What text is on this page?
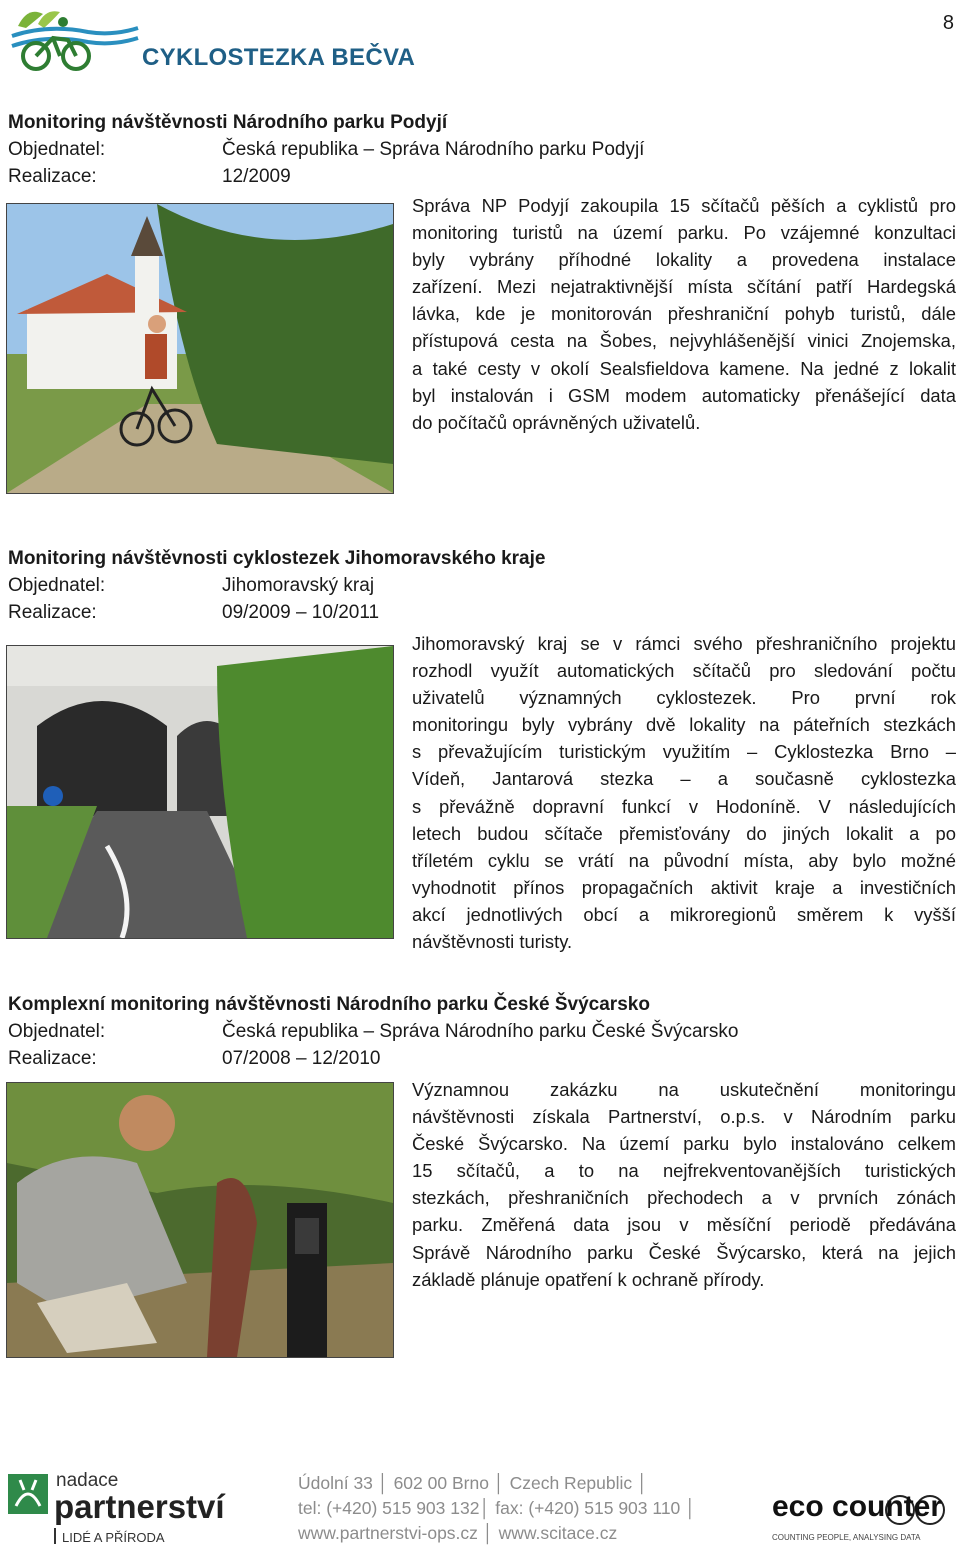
8
CYKLOSTEZKA BEČVA
Monitoring návštěvnosti Národního parku Podyjí
Objednatel:	Česká republika – Správa Národního parku Podyjí
Realizace:	12/2009
Správa NP Podyjí zakoupila 15 sčítačů pěších a cyklistů pro
monitoring turistů na území parku. Po vzájemné konzultaci
byly vybrány příhodné lokality a provedena instalace
zařízení. Mezi nejatraktivnější místa sčítání patří Hardegská
lávka, kde je monitorován přeshraniční pohyb turistů, dále
přístupová cesta na Šobes, nejvyhlášenější vinici Znojemska,
a také cesty v okolí Sealsfieldova kamene. Na jedné z lokalit
byl instalován i GSM modem automaticky přenášející data
do počítačů oprávněných uživatelů.
Monitoring návštěvnosti cyklostezek Jihomoravského kraje
Objednatel:	Jihomoravský kraj
Realizace:	09/2009 – 10/2011
Jihomoravský kraj se v rámci svého přeshraničního projektu
rozhodl využít automatických sčítačů pro sledování počtu
uživatelů významných cyklostezek. Pro první rok
monitoringu byly vybrány dvě lokality na páteřních stezkách
s převažujícím turistickým využitím – Cyklostezka Brno –
Vídeň, Jantarová stezka – a současně cyklostezka
s převážně dopravní funkcí v Hodoníně. V následujících
letech budou sčítače přemisťovány do jiných lokalit a po
tříletém cyklu se vrátí na původní místa, aby bylo možné
vyhodnotit přínos propagačních aktivit kraje a investičních
akcí jednotlivých obcí a mikroregionů směrem k vyšší
návštěvnosti turisty.
Komplexní monitoring návštěvnosti Národního parku České Švýcarsko
Objednatel:	Česká republika – Správa Národního parku České Švýcarsko
Realizace:	07/2008 – 12/2010
Významnou zakázku na uskutečnění monitoringu
návštěvnosti získala Partnerství, o.p.s. v Národním parku
České Švýcarsko. Na území parku bylo instalováno celkem
15 sčítačů, a to na nejfrekventovanějších turistických
stezkách, přeshraničních přechodech a v prvních zónách
parku. Změřená data jsou v měsíční periodě předávána
Správě Národního parku České Švýcarsko, která na jejich
základě plánuje opatření k ochraně přírody.
nadace
partnerství
LIDÉ A PŘÍRODA
Údolní 33 │ 602 00 Brno │ Czech Republic │
tel: (+420) 515 903 132│ fax: (+420) 515 903 110 │
www.partnerstvi-ops.cz │ www.scitace.cz
eco counter
COUNTING PEOPLE, ANALYSING DATA
